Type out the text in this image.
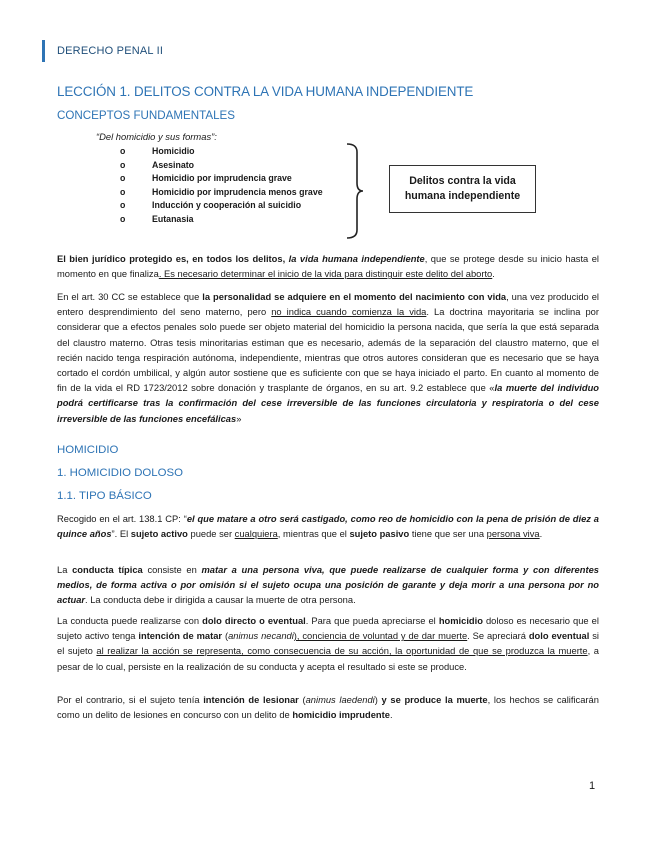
DERECHO PENAL II
LECCIÓN 1. DELITOS CONTRA LA VIDA HUMANA INDEPENDIENTE
CONCEPTOS FUNDAMENTALES
“Del homicidio y sus formas”:
o	Homicidio
o	Asesinato
o	Homicidio por imprudencia grave
o	Homicidio por imprudencia menos grave
o	Inducción y cooperación al suicidio
o	Eutanasia
Delitos contra la vida
humana independiente

El bien jurídico protegido es, en todos los delitos, la vida humana independiente, que se protege desde su inicio hasta el momento en que finaliza. Es necesario determinar el inicio de la vida para distinguir este delito del aborto.

En el art. 30 CC se establece que la personalidad se adquiere en el momento del nacimiento con vida, una vez producido el entero desprendimiento del seno materno, pero no indica cuando comienza la vida. La doctrina mayoritaria se inclina por considerar que a efectos penales solo puede ser objeto material del homicidio la persona nacida, que sería la que está separada del claustro materno. Otras tesis minoritarias estiman que es necesario, además de la separación del claustro materno, que el recién nacido tenga respiración autónoma, independiente, mientras que otros autores consideran que es necesario que se haya cortado el cordón umbilical, y algún autor sostiene que es suficiente con que se haya iniciado el parto. En cuanto al momento de fin de la vida el RD 1723/2012 sobre donación y trasplante de órganos, en su art. 9.2 establece que «la muerte del individuo podrá certificarse tras la confirmación del cese irreversible de las funciones circulatoria y respiratoria o del cese irreversible de las funciones encefálicas»

HOMICIDIO
1. HOMICIDIO DOLOSO
1.1. TIPO BÁSICO

Recogido en el art. 138.1 CP: “el que matare a otro será castigado, como reo de homicidio con la pena de prisión de diez a quince años”. El sujeto activo puede ser cualquiera, mientras que el sujeto pasivo tiene que ser una persona viva.

La conducta típica consiste en matar a una persona viva, que puede realizarse de cualquier forma y con diferentes medios, de forma activa o por omisión si el sujeto ocupa una posición de garante y deja morir a una persona por no actuar. La conducta debe ir dirigida a causar la muerte de otra persona.

La conducta puede realizarse con dolo directo o eventual. Para que pueda apreciarse el homicidio doloso es necesario que el sujeto activo tenga intención de matar (animus necandi), conciencia de voluntad y de dar muerte. Se apreciará dolo eventual si el sujeto al realizar la acción se representa, como consecuencia de su acción, la oportunidad de que se produzca la muerte, a pesar de lo cual, persiste en la realización de su conducta y acepta el resultado si este se produce.

Por el contrario, si el sujeto tenía intención de lesionar (animus laedendi) y se produce la muerte, los hechos se calificarán como un delito de lesiones en concurso con un delito de homicidio imprudente.

1
